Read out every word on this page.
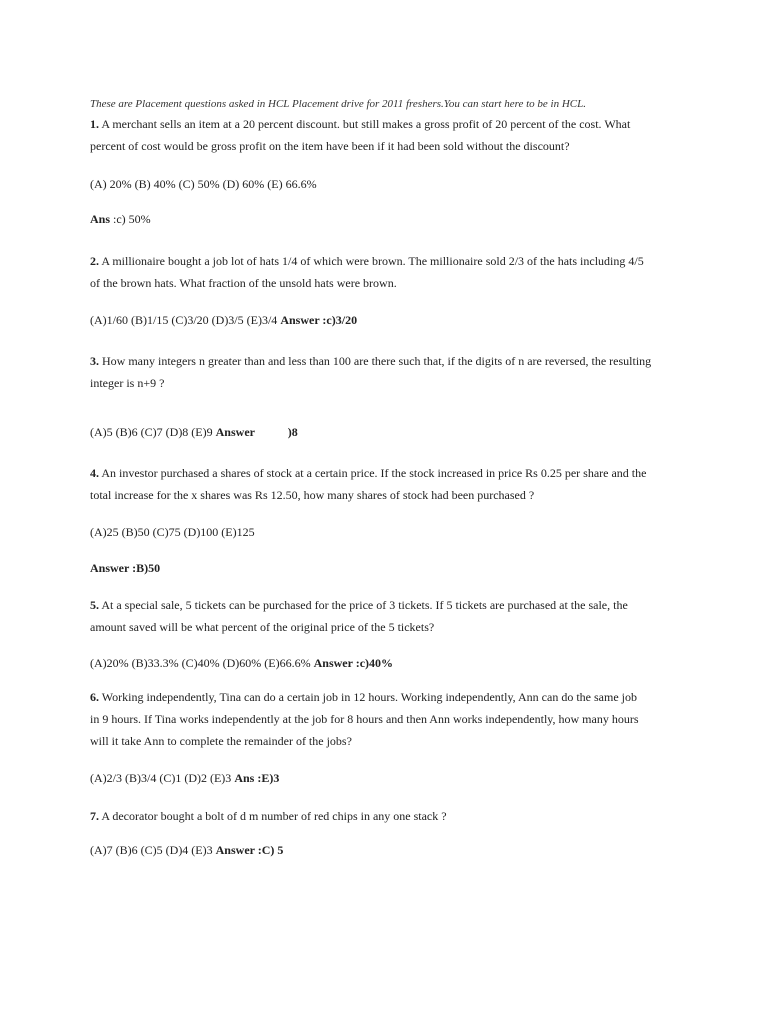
These are Placement questions asked in HCL Placement drive for 2011 freshers.You can start here to be in HCL.
1. A merchant sells an item at a 20 percent discount. but still makes a gross profit of 20 percent of the cost. What
percent of cost would be gross profit on the item have been if it had been sold without the discount?
(A) 20% (B) 40% (C) 50% (D) 60% (E) 66.6%
Ans :c) 50%
2. A millionaire bought a job lot of hats 1/4 of which were brown. The millionaire sold 2/3 of the hats including 4/5
of the brown hats. What fraction of the unsold hats were brown.
(A)1/60 (B)1/15 (C)3/20 (D)3/5 (E)3/4 Answer :c)3/20
3. How many integers n greater than and less than 100 are there such that, if the digits of n are reversed, the resulting
integer is n+9 ?
(A)5 (B)6 (C)7 (D)8 (E)9 Answer           )8
4. An investor purchased a shares of stock at a certain price. If the stock increased in price Rs 0.25 per share and the
total increase for the x shares was Rs 12.50, how many shares of stock had been purchased ?
(A)25 (B)50 (C)75 (D)100 (E)125
Answer :B)50
5. At a special sale, 5 tickets can be purchased for the price of 3 tickets. If 5 tickets are purchased at the sale, the
amount saved will be what percent of the original price of the 5 tickets?
(A)20% (B)33.3% (C)40% (D)60% (E)66.6% Answer :c)40%
6. Working independently, Tina can do a certain job in 12 hours. Working independently, Ann can do the same job
in 9 hours. If Tina works independently at the job for 8 hours and then Ann works independently, how many hours
will it take Ann to complete the remainder of the jobs?
(A)2/3 (B)3/4 (C)1 (D)2 (E)3 Ans :E)3
7. A decorator bought a bolt of d m number of red chips in any one stack ?
(A)7 (B)6 (C)5 (D)4 (E)3 Answer :C) 5
